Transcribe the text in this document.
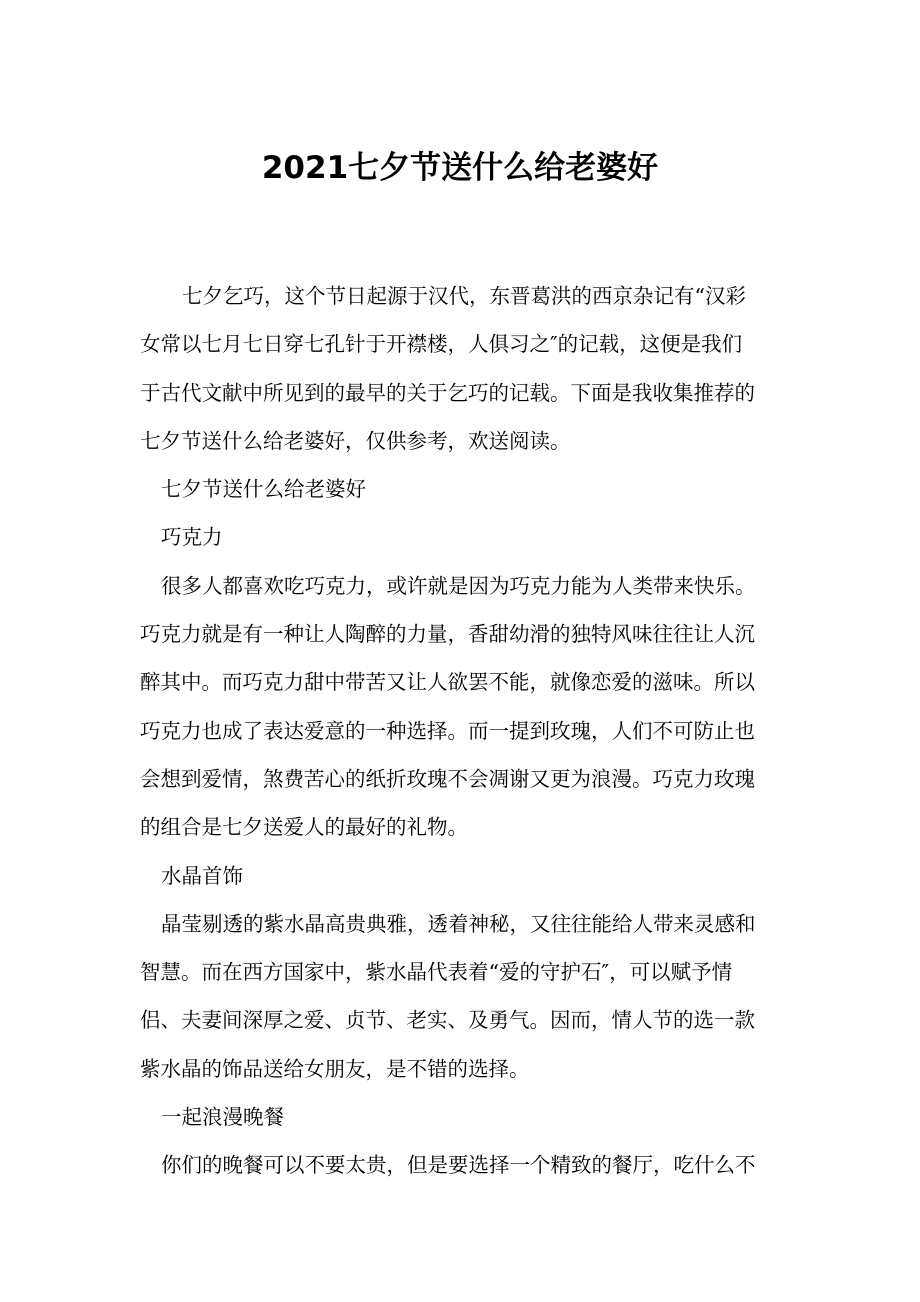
2021七夕节送什么给老婆好
七夕乞巧，这个节日起源于汉代，东晋葛洪的西京杂记有“汉彩
女常以七月七日穿七孔针于开襟楼，人俱习之″的记载，这便是我们
于古代文献中所见到的最早的关于乞巧的记载。下面是我收集推荐的
七夕节送什么给老婆好，仅供参考，欢送阅读。
七夕节送什么给老婆好
巧克力
很多人都喜欢吃巧克力，或许就是因为巧克力能为人类带来快乐。
巧克力就是有一种让人陶醉的力量，香甜幼滑的独特风味往往让人沉
醉其中。而巧克力甜中带苦又让人欲罢不能，就像恋爱的滋味。所以
巧克力也成了表达爱意的一种选择。而一提到玫瑰，人们不可防止也
会想到爱情，煞费苦心的纸折玫瑰不会凋谢又更为浪漫。巧克力玫瑰
的组合是七夕送爱人的最好的礼物。
水晶首饰
晶莹剔透的紫水晶高贵典雅，透着神秘，又往往能给人带来灵感和
智慧。而在西方国家中，紫水晶代表着“爱的守护石″，可以赋予情
侣、夫妻间深厚之爱、贞节、老实、及勇气。因而，情人节的选一款
紫水晶的饰品送给女朋友，是不错的选择。
一起浪漫晚餐
你们的晚餐可以不要太贵，但是要选择一个精致的餐厅，吃什么不
